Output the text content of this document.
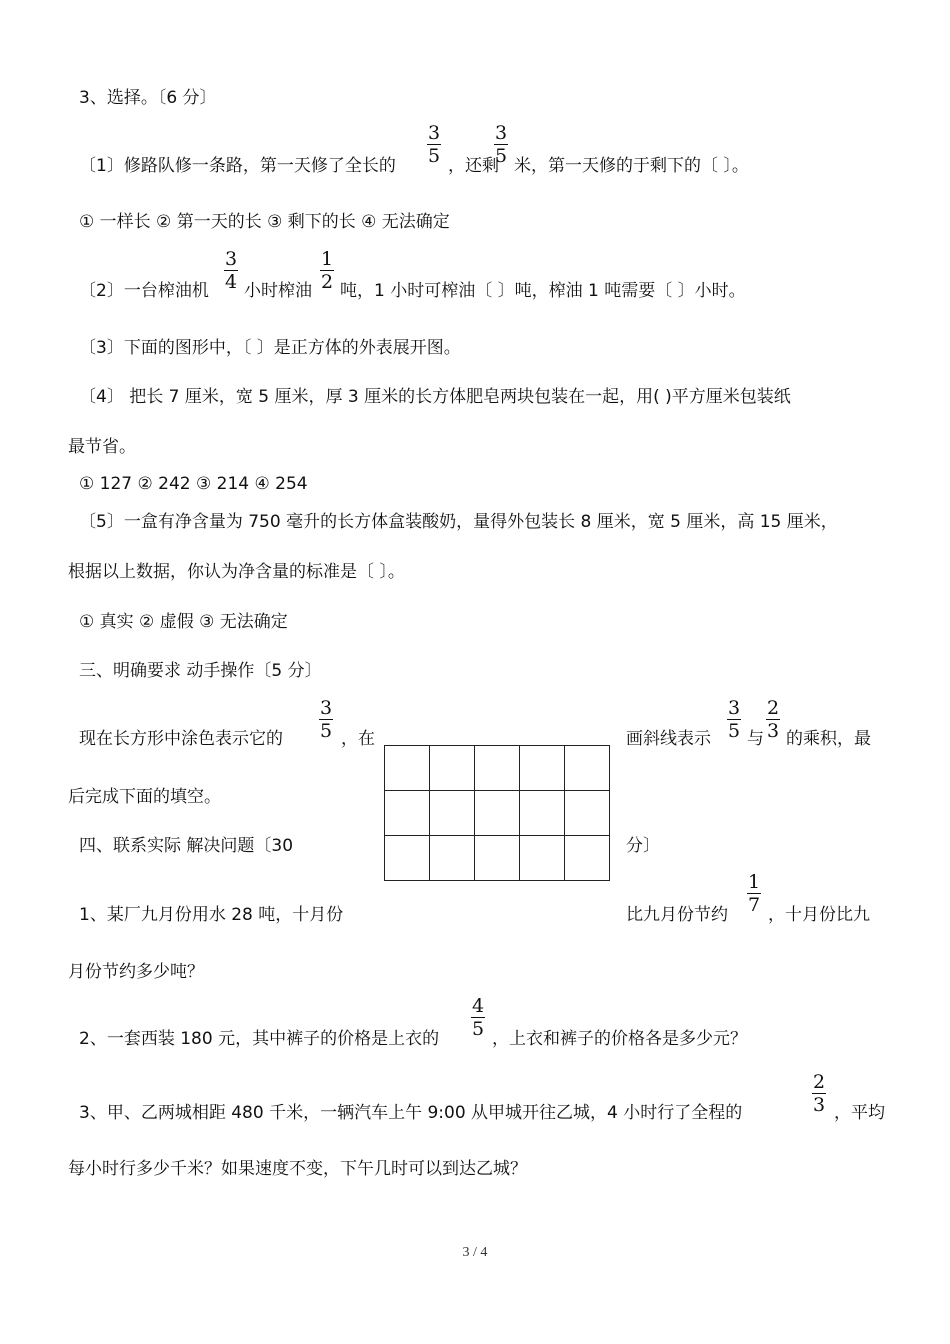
3、选择。〔6 分〕
〔1〕修路队修一条路，第一天修了全长的
3
5 ，还剩
3
5 米，第一天修的于剩下的〔 〕。
① 一样长 ② 第一天的长 ③ 剩下的长 ④ 无法确定
〔2〕一台榨油机
3
4 小时榨油
1
2 吨，1 小时可榨油〔 〕吨，榨油 1 吨需要〔 〕小时。
〔3〕下面的图形中，〔 〕是正方体的外表展开图。
〔4〕 把长 7 厘米，宽 5 厘米，厚 3 厘米的长方体肥皂两块包装在一起，用( )平方厘米包装纸
最节省。
① 127 ② 242 ③ 214 ④ 254
〔5〕一盒有净含量为 750 毫升的长方体盒装酸奶，量得外包装长 8 厘米，宽 5 厘米，高 15 厘米，
根据以上数据，你认为净含量的标准是〔 〕。
① 真实 ② 虚假 ③ 无法确定
三、明确要求 动手操作〔5 分〕
现在长方形中涂色表示它的
3
5 ，在	画斜线表示
3
5 与
2
3 的乘积，最
后完成下面的填空。

四、联系实际 解决问题〔30	分〕
1、某厂九月份用水 28 吨，十月份	比九月份节约
1
7 ，十月份比九
月份节约多少吨？
2、一套西装 180 元，其中裤子的价格是上衣的
4
5 ，上衣和裤子的价格各是多少元？
3、甲、乙两城相距 480 千米，一辆汽车上午 9:00 从甲城开往乙城，4 小时行了全程的
2
3 ，平均
每小时行多少千米？如果速度不变，下午几时可以到达乙城？
3 / 4
